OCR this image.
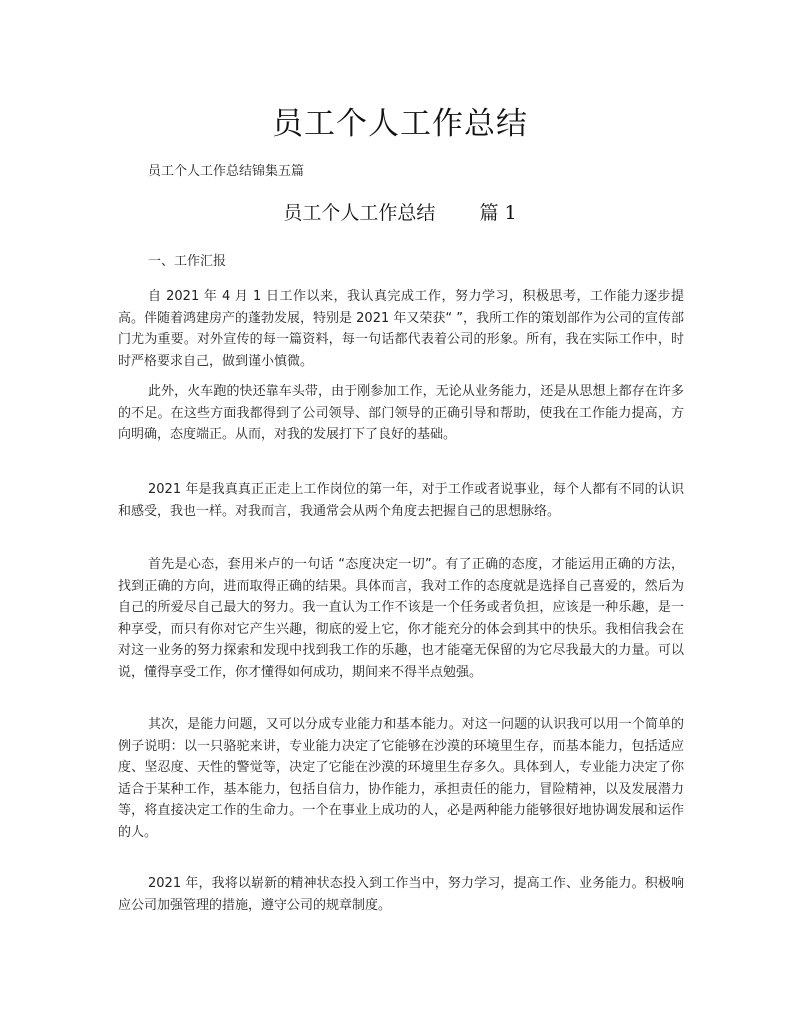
员工个人工作总结
员工个人工作总结锦集五篇
员工个人工作总结 篇 1
一、工作汇报

自 2021 年 4 月 1 日工作以来，我认真完成工作，努力学习，积极思考，工作能力逐步提高。伴随着鸿建房产的蓬勃发展，特别是 2021 年又荣获“ ”，我所工作的策划部作为公司的宣传部门尤为重要。对外宣传的每一篇资料，每一句话都代表着公司的形象。所有，我在实际工作中，时时严格要求自己，做到谨小慎微。

此外，火车跑的快还靠车头带，由于刚参加工作，无论从业务能力，还是从思想上都存在许多的不足。在这些方面我都得到了公司领导、部门领导的正确引导和帮助，使我在工作能力提高，方向明确，态度端正。从而，对我的发展打下了良好的基础。

2021 年是我真真正正走上工作岗位的第一年，对于工作或者说事业，每个人都有不同的认识和感受，我也一样。对我而言，我通常会从两个角度去把握自己的思想脉络。

首先是心态，套用米卢的一句话 “态度决定一切”。有了正确的态度，才能运用正确的方法，找到正确的方向，进而取得正确的结果。具体而言，我对工作的态度就是选择自己喜爱的，然后为自己的所爱尽自己最大的努力。我一直认为工作不该是一个任务或者负担，应该是一种乐趣，是一种享受，而只有你对它产生兴趣，彻底的爱上它，你才能充分的体会到其中的快乐。我相信我会在对这一业务的努力探索和发现中找到我工作的乐趣，也才能毫无保留的为它尽我最大的力量。可以说，懂得享受工作，你才懂得如何成功，期间来不得半点勉强。

其次，是能力问题，又可以分成专业能力和基本能力。对这一问题的认识我可以用一个简单的例子说明：以一只骆驼来讲，专业能力决定了它能够在沙漠的环境里生存，而基本能力，包括适应度、坚忍度、天性的警觉等，决定了它能在沙漠的环境里生存多久。具体到人，专业能力决定了你适合于某种工作，基本能力，包括自信力，协作能力，承担责任的能力，冒险精神，以及发展潜力等，将直接决定工作的生命力。一个在事业上成功的人，必是两种能力能够很好地协调发展和运作的人。

2021 年，我将以崭新的精神状态投入到工作当中，努力学习，提高工作、业务能力。积极响应公司加强管理的措施，遵守公司的规章制度。
